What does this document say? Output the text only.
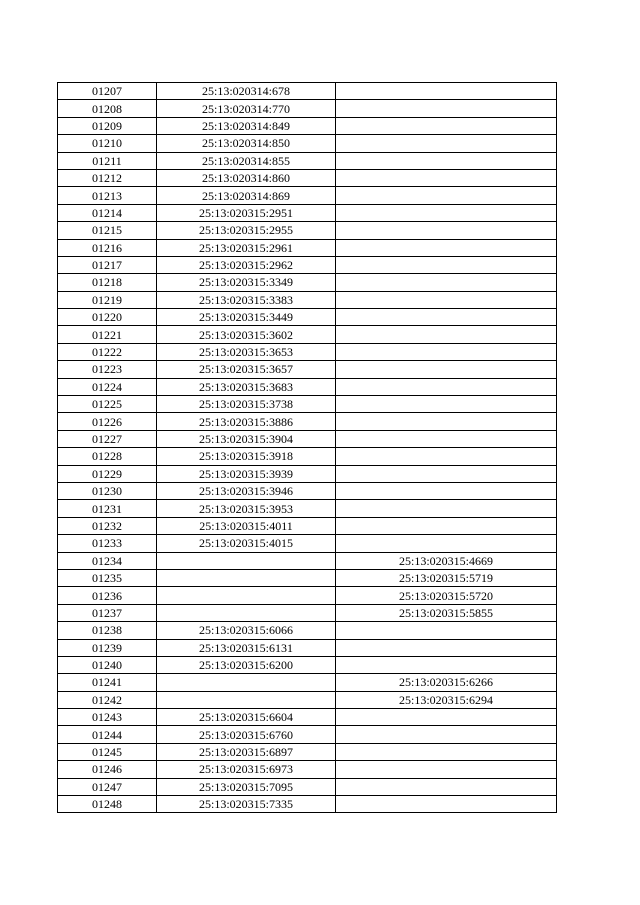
01207	25:13:020314:678	
01208	25:13:020314:770	
01209	25:13:020314:849	
01210	25:13:020314:850	
01211	25:13:020314:855	
01212	25:13:020314:860	
01213	25:13:020314:869	
01214	25:13:020315:2951	
01215	25:13:020315:2955	
01216	25:13:020315:2961	
01217	25:13:020315:2962	
01218	25:13:020315:3349	
01219	25:13:020315:3383	
01220	25:13:020315:3449	
01221	25:13:020315:3602	
01222	25:13:020315:3653	
01223	25:13:020315:3657	
01224	25:13:020315:3683	
01225	25:13:020315:3738	
01226	25:13:020315:3886	
01227	25:13:020315:3904	
01228	25:13:020315:3918	
01229	25:13:020315:3939	
01230	25:13:020315:3946	
01231	25:13:020315:3953	
01232	25:13:020315:4011	
01233	25:13:020315:4015	
01234		25:13:020315:4669
01235		25:13:020315:5719
01236		25:13:020315:5720
01237		25:13:020315:5855
01238	25:13:020315:6066	
01239	25:13:020315:6131	
01240	25:13:020315:6200	
01241		25:13:020315:6266
01242		25:13:020315:6294
01243	25:13:020315:6604	
01244	25:13:020315:6760	
01245	25:13:020315:6897	
01246	25:13:020315:6973	
01247	25:13:020315:7095	
01248	25:13:020315:7335	
